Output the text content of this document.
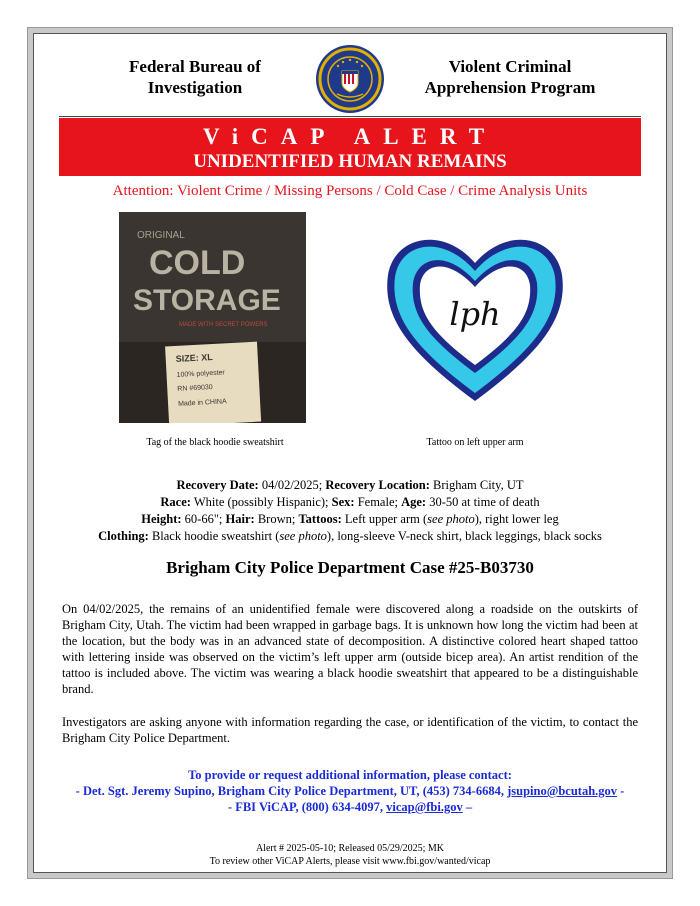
Federal Bureau of
Investigation
Violent Criminal
Apprehension Program
ViCAP ALERT
UNIDENTIFIED HUMAN REMAINS
Attention: Violent Crime / Missing Persons / Cold Case / Crime Analysis Units
ORIGINAL
COLD
STORAGE
MADE WITH SECRET POWERS
SIZE: XL
100% polyester
RN #69030
Made in CHINA
lph
Tag of the black hoodie sweatshirt	Tattoo on left upper arm
Recovery Date: 04/02/2025; Recovery Location: Brigham City, UT
Race: White (possibly Hispanic); Sex: Female; Age: 30-50 at time of death
Height: 60-66"; Hair: Brown; Tattoos: Left upper arm (see photo), right lower leg
Clothing: Black hoodie sweatshirt (see photo), long-sleeve V-neck shirt, black leggings, black socks
Brigham City Police Department Case #25-B03730
On 04/02/2025, the remains of an unidentified female were discovered along a roadside on the outskirts of Brigham City, Utah. The victim had been wrapped in garbage bags. It is unknown how long the victim had been at the location, but the body was in an advanced state of decomposition. A distinctive colored heart shaped tattoo with lettering inside was observed on the victim’s left upper arm (outside bicep area). An artist rendition of the tattoo is included above. The victim was wearing a black hoodie sweatshirt that appeared to be a distinguishable brand.
Investigators are asking anyone with information regarding the case, or identification of the victim, to contact the Brigham City Police Department.
To provide or request additional information, please contact:
- Det. Sgt. Jeremy Supino, Brigham City Police Department, UT, (453) 734-6684, jsupino@bcutah.gov -
- FBI ViCAP, (800) 634-4097, vicap@fbi.gov –
Alert # 2025-05-10; Released 05/29/2025; MK
To review other ViCAP Alerts, please visit www.fbi.gov/wanted/vicap
